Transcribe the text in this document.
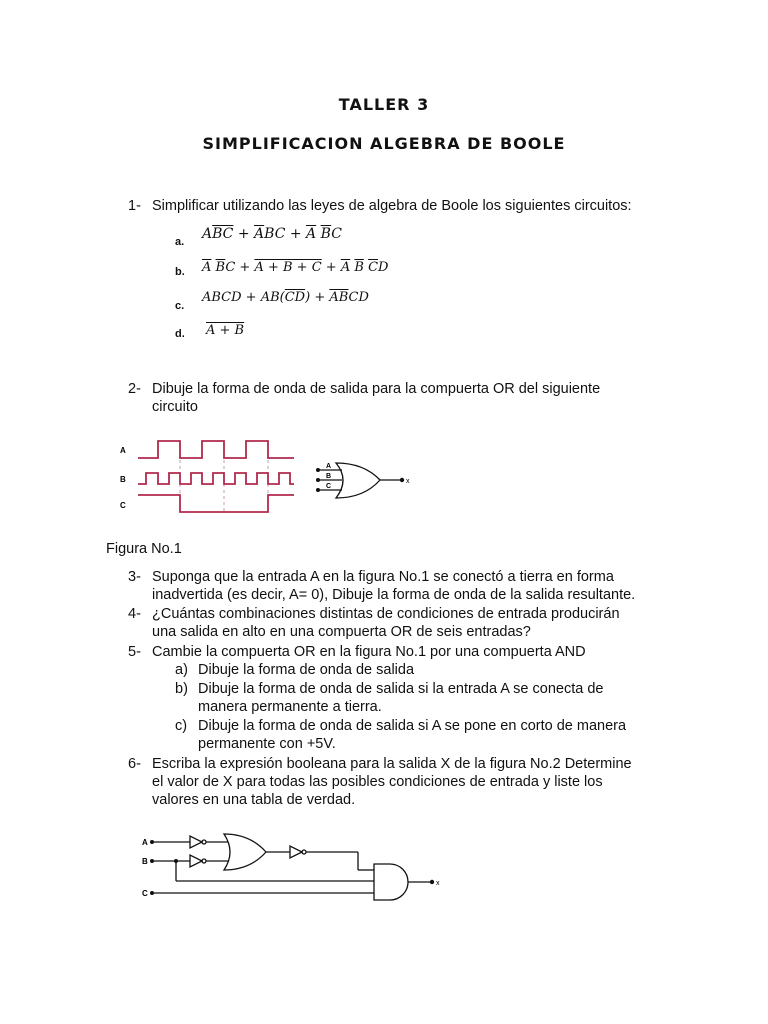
TALLER 3
SIMPLIFICACION ALGEBRA DE BOOLE
1- Simplificar utilizando las leyes de algebra de Boole los siguientes circuitos:
a. $A\overline{BC} + \overline{A}BC + \overline{A}$ $\overline{B}C$
b. $\overline{A}$ $\overline{B}C + A + B + C + \overline{A}$ $\overline{B}$ $\overline{C}D$
c.
ABCD + $AB(\overline{CD}) + \overline{AB}CD$
d. A + B
2- Dibuje la forma de onda de salida para la compuerta OR del siguiente
circuito
A
B
C
A
B
C
x
Figura No.1
3- Suponga que la entrada A en la figura No.1 se conectó a tierra en forma
inadvertida (es decir, A= 0), Dibuje la forma de onda de la salida resultante.
4- ¿Cuántas combinaciones distintas de condiciones de entrada producirán
una salida en alto en una compuerta OR de seis entradas?
5- Cambie la compuerta OR en la figura No.1 por una compuerta AND
a) Dibuje la forma de onda de salida
b) Dibuje la forma de onda de salida si la entrada A se conecta de
manera permanente a tierra.
c) Dibuje la forma de onda de salida si A se pone en corto de manera
permanente con +5V.
6- Escriba la expresión booleana para la salida X de la figura No.2 Determine
el valor de X para todas las posibles condiciones de entrada y liste los
valores en una tabla de verdad.
A
B
C
x
